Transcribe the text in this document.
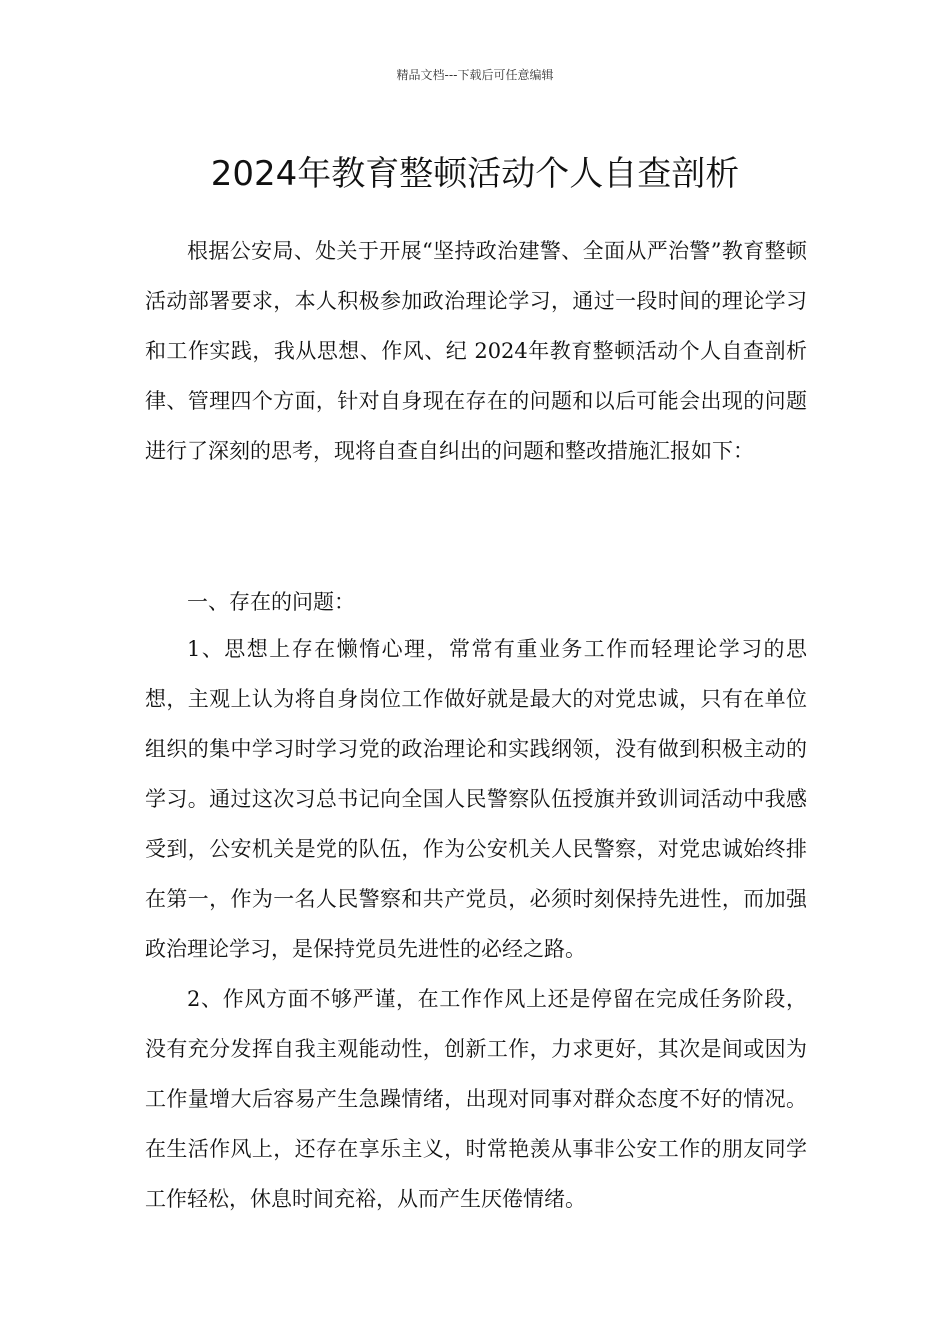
精品文档---下载后可任意编辑
2024年教育整顿活动个人自查剖析

根据公安局、处关于开展“坚持政治建警、全面从严治警”教育整顿活动部署要求，本人积极参加政治理论学习，通过一段时间的理论学习和工作实践，我从思想、作风、纪 2024年教育整顿活动个人自查剖析律、管理四个方面，针对自身现在存在的问题和以后可能会出现的问题进行了深刻的思考，现将自查自纠出的问题和整改措施汇报如下：

一、存在的问题：

1、思想上存在懒惰心理，常常有重业务工作而轻理论学习的思想，主观上认为将自身岗位工作做好就是最大的对党忠诚，只有在单位组织的集中学习时学习党的政治理论和实践纲领，没有做到积极主动的学习。通过这次习总书记向全国人民警察队伍授旗并致训词活动中我感受到，公安机关是党的队伍，作为公安机关人民警察，对党忠诚始终排在第一，作为一名人民警察和共产党员，必须时刻保持先进性，而加强政治理论学习，是保持党员先进性的必经之路。

2、作风方面不够严谨，在工作作风上还是停留在完成任务阶段，没有充分发挥自我主观能动性，创新工作，力求更好，其次是间或因为工作量增大后容易产生急躁情绪，出现对同事对群众态度不好的情况。在生活作风上，还存在享乐主义，时常艳羡从事非公安工作的朋友同学工作轻松，休息时间充裕，从而产生厌倦情绪。
